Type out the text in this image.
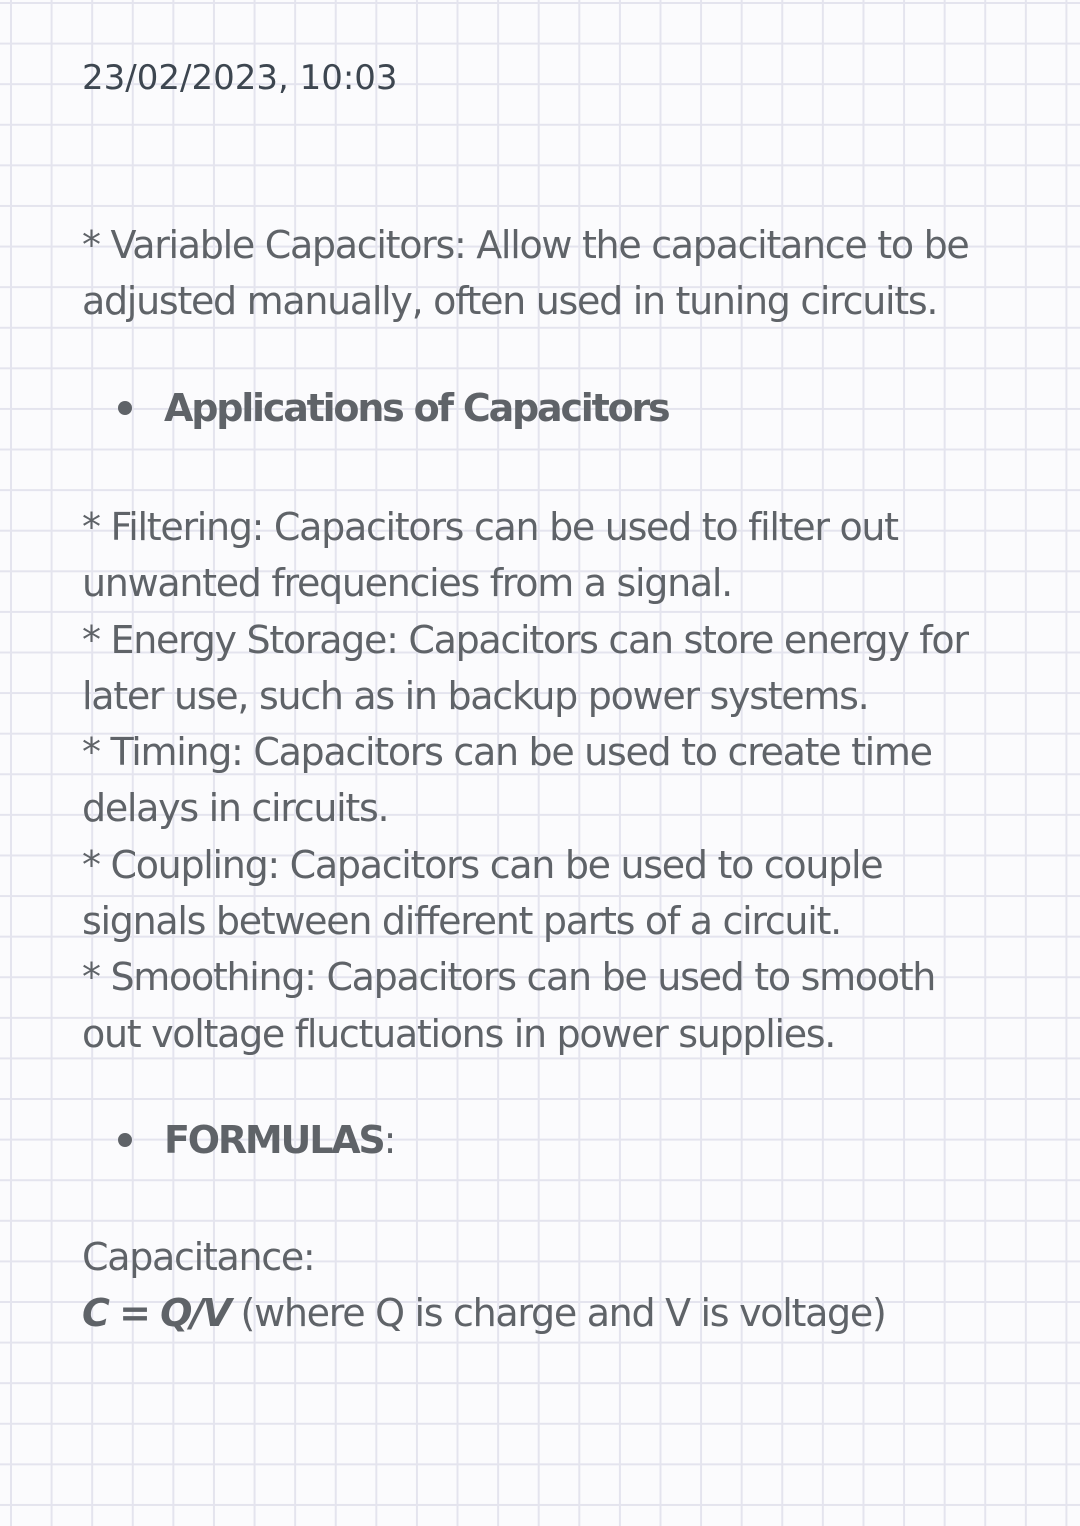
23/02/2023, 10:03
* Variable Capacitors: Allow the capacitance to be
adjusted manually, often used in tuning circuits.
Applications of Capacitors
* Filtering: Capacitors can be used to filter out
unwanted frequencies from a signal.
* Energy Storage: Capacitors can store energy for
later use, such as in backup power systems.
* Timing: Capacitors can be used to create time
delays in circuits.
* Coupling: Capacitors can be used to couple
signals between different parts of a circuit.
* Smoothing: Capacitors can be used to smooth
out voltage fluctuations in power supplies.
FORMULAS :
Capacitance:
C = Q/V (where Q is charge and V is voltage)
